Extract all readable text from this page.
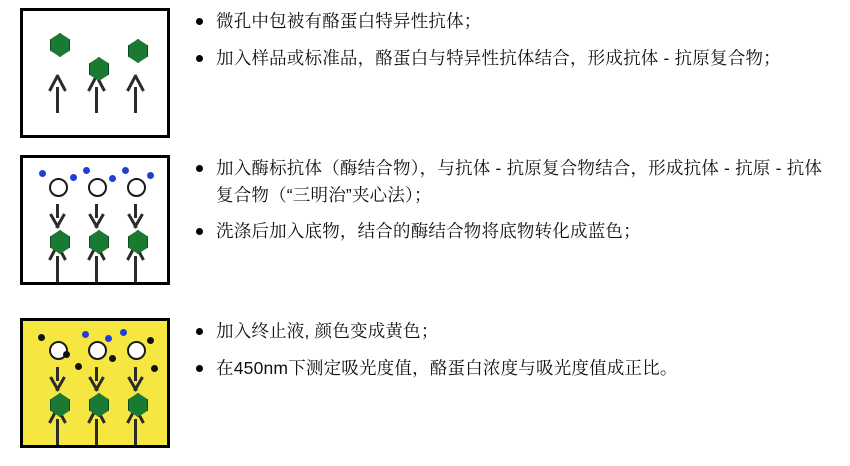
微孔中包被有酪蛋白特异性抗体；
加入样品或标准品，酪蛋白与特异性抗体结合，形成抗体 - 抗原复合物；
加入酶标抗体（酶结合物），与抗体 - 抗原复合物结合，形成抗体 - 抗原 - 抗体复合物（“三明治”夹心法）；
洗涤后加入底物，结合的酶结合物将底物转化成蓝色；
加入终止液, 颜色变成黄色；
在450nm下测定吸光度值，酪蛋白浓度与吸光度值成正比。
